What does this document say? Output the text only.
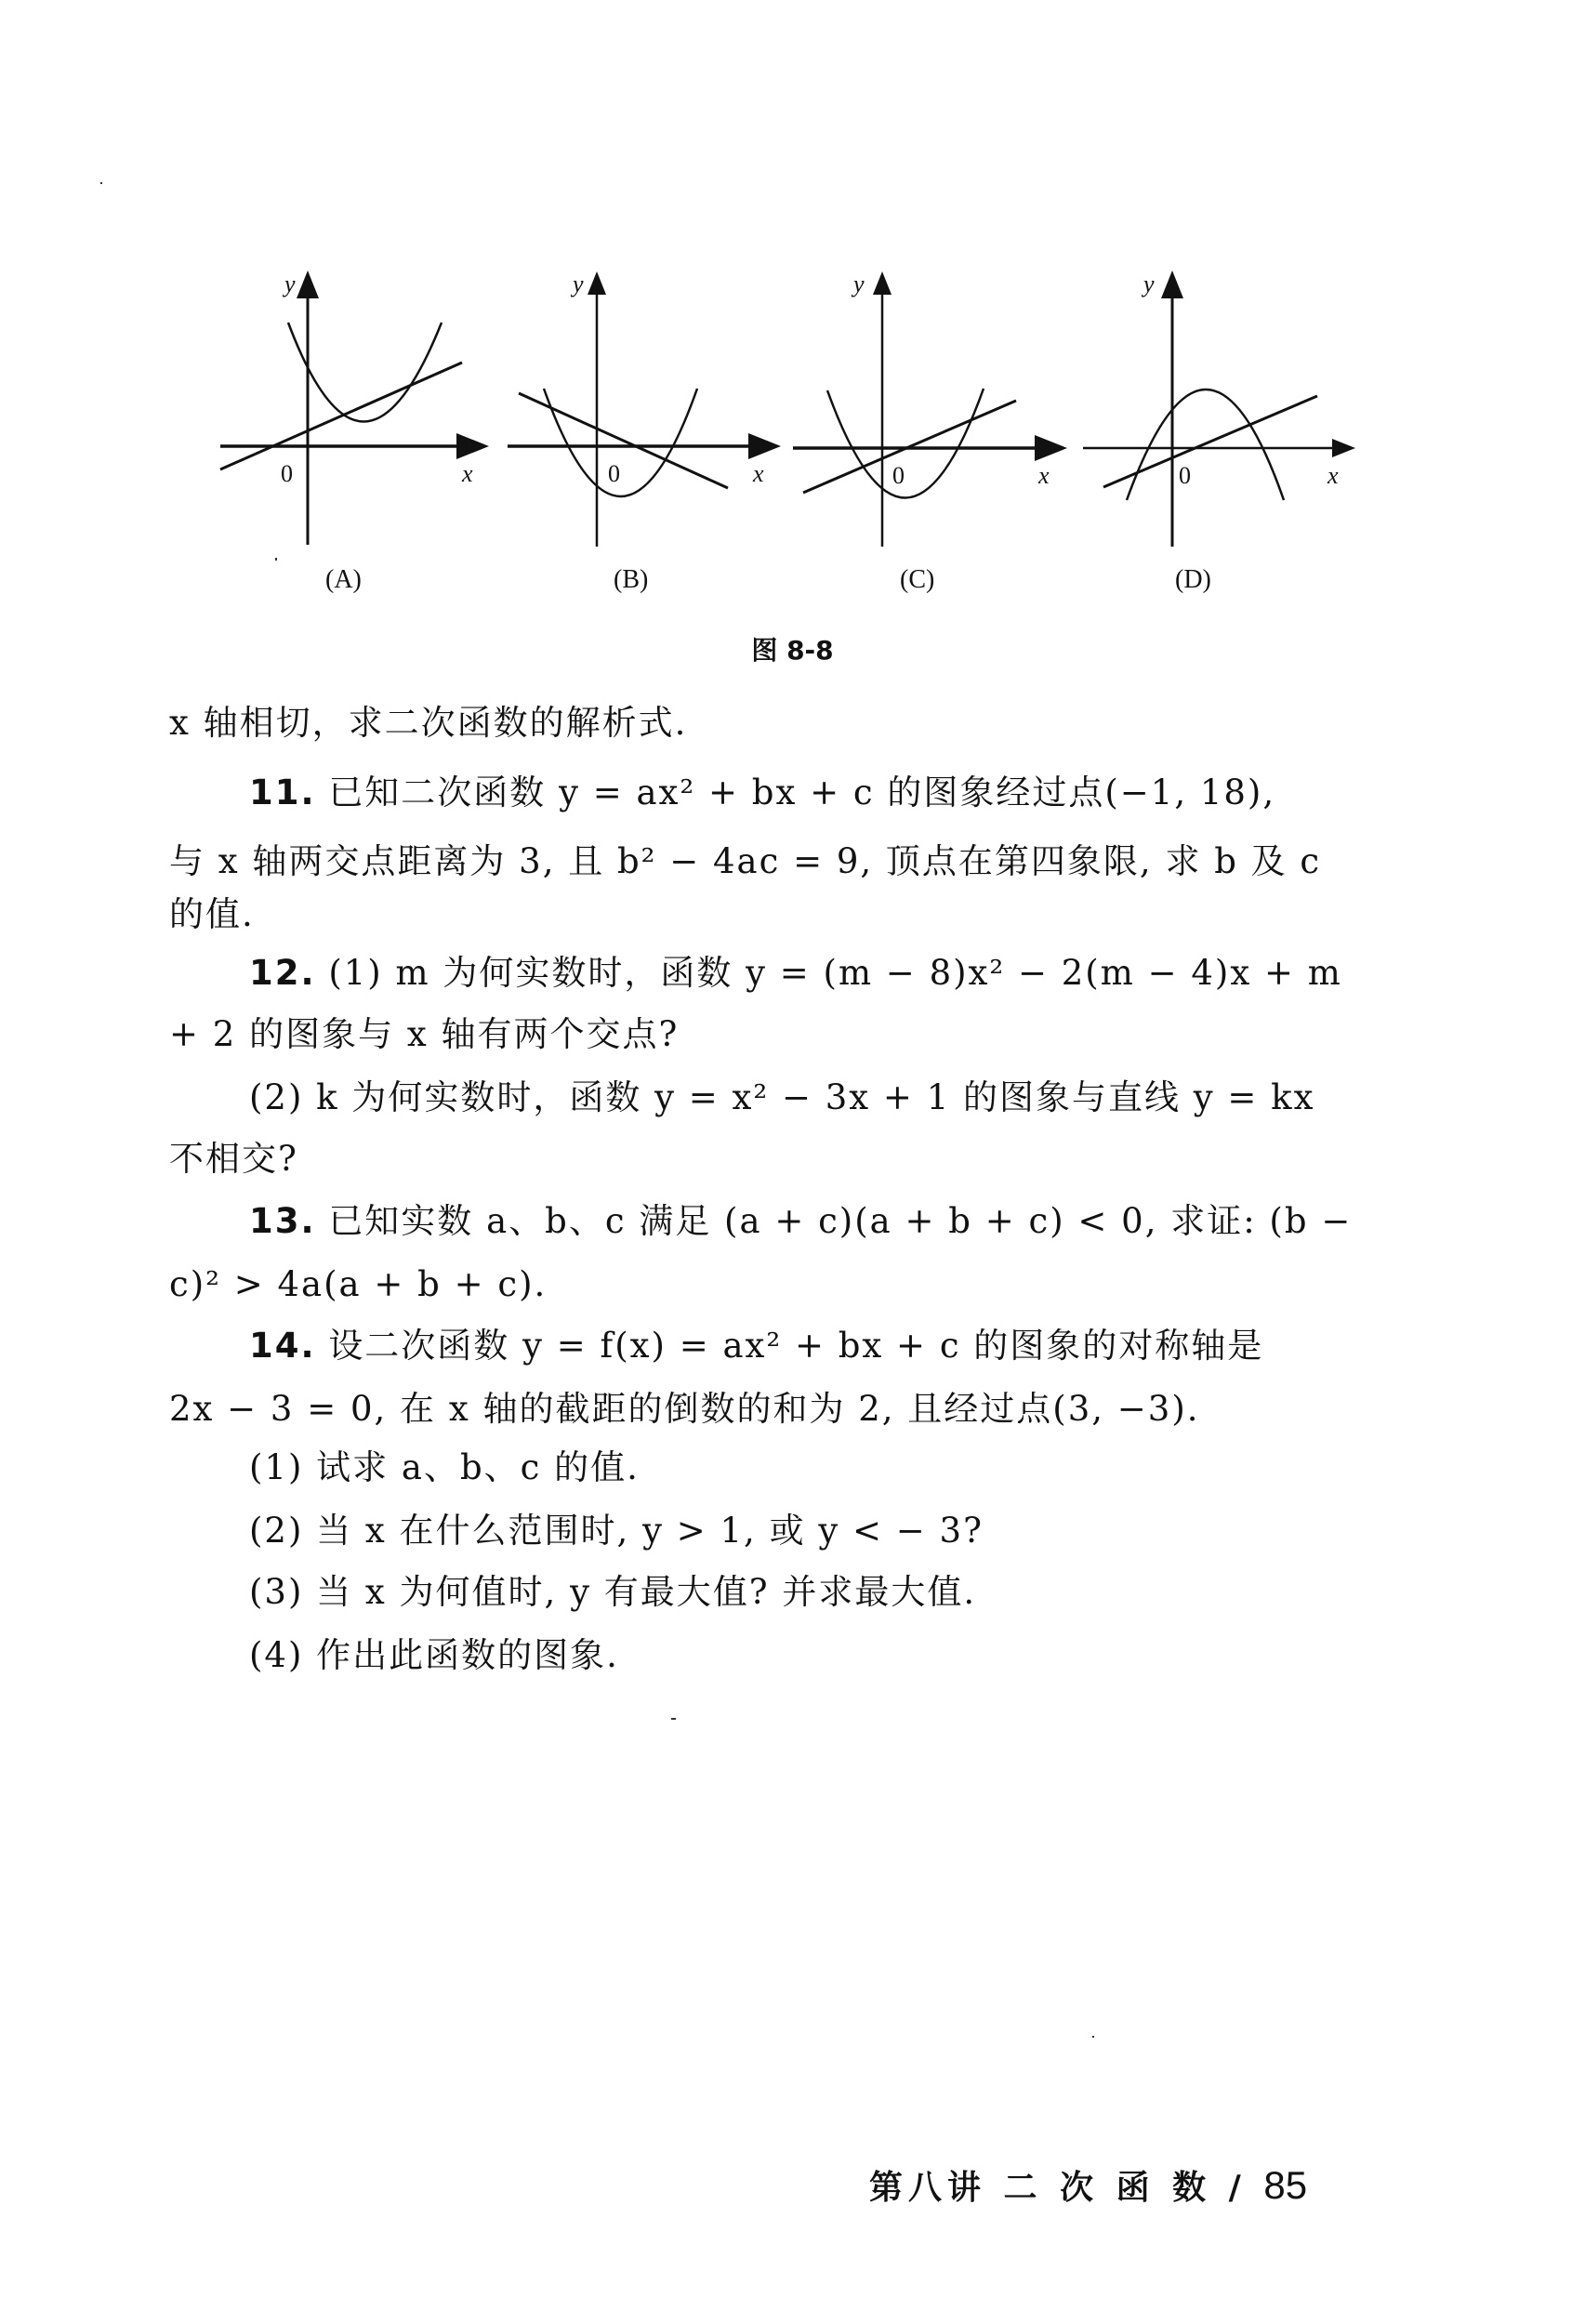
y
0	x
(A)
y
0	x
(B)
y
0	x
(C)
y
0	x
(D)
图 8-8
x 轴相切，求二次函数的解析式.
11. 已知二次函数 y = ax² + bx + c 的图象经过点(−1, 18),
与 x 轴两交点距离为 3, 且 b² − 4ac = 9, 顶点在第四象限, 求 b 及 c
的值.
12. (1) m 为何实数时，函数 y = (m − 8)x² − 2(m − 4)x + m
+ 2 的图象与 x 轴有两个交点?
(2) k 为何实数时，函数 y = x² − 3x + 1 的图象与直线 y = kx
不相交?
13. 已知实数 a、b、c 满足 (a + c)(a + b + c) < 0, 求证: (b −
c)² > 4a(a + b + c).
14. 设二次函数 y = f(x) = ax² + bx + c 的图象的对称轴是
2x − 3 = 0, 在 x 轴的截距的倒数的和为 2, 且经过点(3, −3).
(1) 试求 a、b、c 的值.
(2) 当 x 在什么范围时, y > 1, 或 y < − 3?
(3) 当 x 为何值时, y 有最大值? 并求最大值.
(4) 作出此函数的图象.
第八讲 二 次 函 数 / 85
